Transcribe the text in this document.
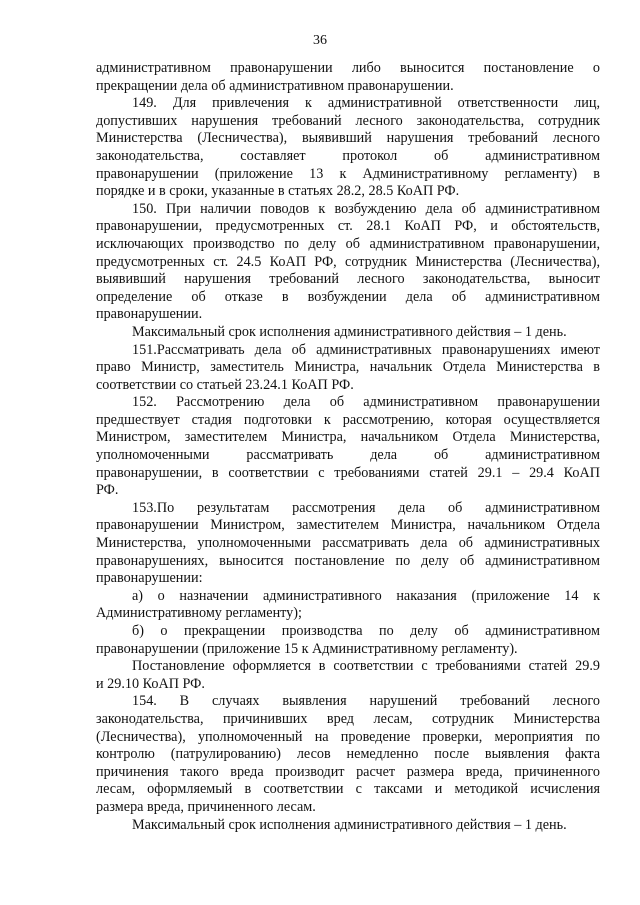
36
административном правонарушении либо выносится постановление о
прекращении дела об административном правонарушении.
149. Для привлечения к административной ответственности лиц,
допустивших нарушения требований лесного законодательства, сотрудник
Министерства (Лесничества), выявивший нарушения требований лесного
законодательства, составляет протокол об административном
правонарушении (приложение 13 к Административному регламенту) в
порядке и в сроки, указанные в статьях 28.2, 28.5 КоАП РФ.
150. При наличии поводов к возбуждению дела об административном
правонарушении, предусмотренных ст. 28.1 КоАП РФ, и обстоятельств,
исключающих производство по делу об административном правонарушении,
предусмотренных ст. 24.5 КоАП РФ, сотрудник Министерства (Лесничества),
выявивший нарушения требований лесного законодательства, выносит
определение об отказе в возбуждении дела об административном
правонарушении.
Максимальный срок исполнения административного действия – 1 день.
151.Рассматривать дела об административных правонарушениях имеют
право Министр, заместитель Министра, начальник Отдела Министерства в
соответствии со статьей 23.24.1 КоАП РФ.
152. Рассмотрению дела об административном правонарушении
предшествует стадия подготовки к рассмотрению, которая осуществляется
Министром, заместителем Министра, начальником Отдела Министерства,
уполномоченными рассматривать дела об административном
правонарушении, в соответствии с требованиями статей 29.1 – 29.4 КоАП
РФ.
153.По результатам рассмотрения дела об административном
правонарушении Министром, заместителем Министра, начальником Отдела
Министерства, уполномоченными рассматривать дела об административных
правонарушениях, выносится постановление по делу об административном
правонарушении:
а) о назначении административного наказания (приложение 14 к
Административному регламенту);
б) о прекращении производства по делу об административном
правонарушении (приложение 15 к Административному регламенту).
Постановление оформляется в соответствии с требованиями статей 29.9
и 29.10 КоАП РФ.
154. В случаях выявления нарушений требований лесного
законодательства, причинивших вред лесам, сотрудник Министерства
(Лесничества), уполномоченный на проведение проверки, мероприятия по
контролю (патрулированию) лесов немедленно после выявления факта
причинения такого вреда производит расчет размера вреда, причиненного
лесам, оформляемый в соответствии с таксами и методикой исчисления
размера вреда, причиненного лесам.
Максимальный срок исполнения административного действия – 1 день.
